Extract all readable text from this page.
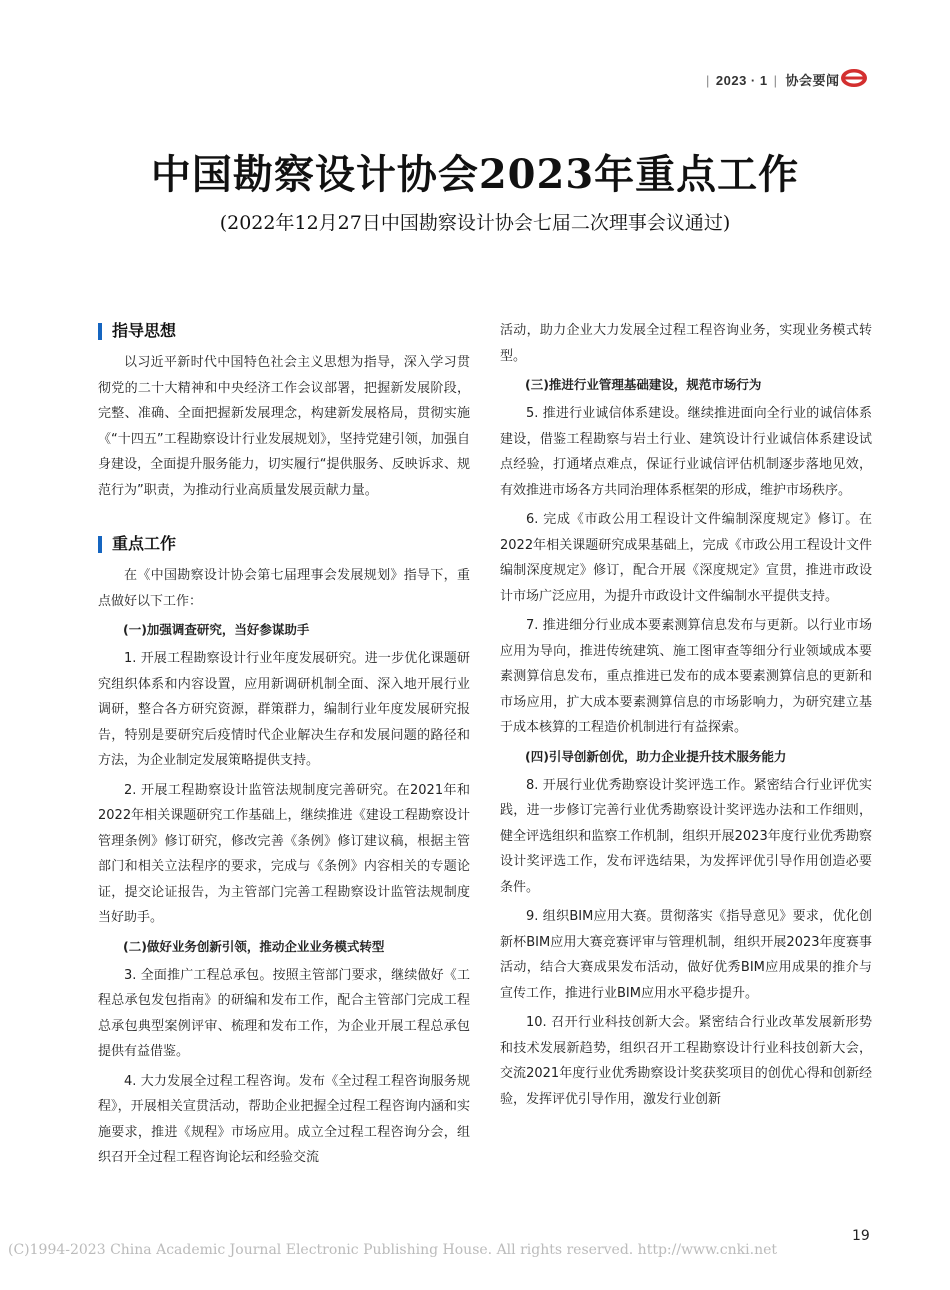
| 2023 · 1 | 协会要闻
中国勘察设计协会2023年重点工作
(2022年12月27日中国勘察设计协会七届二次理事会议通过)
指导思想

以习近平新时代中国特色社会主义思想为指导，深入学习贯彻党的二十大精神和中央经济工作会议部署，把握新发展阶段，完整、准确、全面把握新发展理念，构建新发展格局，贯彻实施《“十四五”工程勘察设计行业发展规划》，坚持党建引领，加强自身建设，全面提升服务能力，切实履行“提供服务、反映诉求、规范行为”职责，为推动行业高质量发展贡献力量。

重点工作

在《中国勘察设计协会第七届理事会发展规划》指导下，重点做好以下工作：

(一)加强调查研究，当好参谋助手

1. 开展工程勘察设计行业年度发展研究。进一步优化课题研究组织体系和内容设置，应用新调研机制全面、深入地开展行业调研，整合各方研究资源，群策群力，编制行业年度发展研究报告，特别是要研究后疫情时代企业解决生存和发展问题的路径和方法，为企业制定发展策略提供支持。

2. 开展工程勘察设计监管法规制度完善研究。在2021年和2022年相关课题研究工作基础上，继续推进《建设工程勘察设计管理条例》修订研究，修改完善《条例》修订建议稿，根据主管部门和相关立法程序的要求，完成与《条例》内容相关的专题论证，提交论证报告，为主管部门完善工程勘察设计监管法规制度当好助手。

(二)做好业务创新引领，推动企业业务模式转型

3. 全面推广工程总承包。按照主管部门要求，继续做好《工程总承包发包指南》的研编和发布工作，配合主管部门完成工程总承包典型案例评审、梳理和发布工作，为企业开展工程总承包提供有益借鉴。

4. 大力发展全过程工程咨询。发布《全过程工程咨询服务规程》，开展相关宣贯活动，帮助企业把握全过程工程咨询内涵和实施要求，推进《规程》市场应用。成立全过程工程咨询分会，组织召开全过程工程咨询论坛和经验交流

活动，助力企业大力发展全过程工程咨询业务，实现业务模式转型。

(三)推进行业管理基础建设，规范市场行为

5. 推进行业诚信体系建设。继续推进面向全行业的诚信体系建设，借鉴工程勘察与岩土行业、建筑设计行业诚信体系建设试点经验，打通堵点难点，保证行业诚信评估机制逐步落地见效，有效推进市场各方共同治理体系框架的形成，维护市场秩序。

6. 完成《市政公用工程设计文件编制深度规定》修订。在2022年相关课题研究成果基础上，完成《市政公用工程设计文件编制深度规定》修订，配合开展《深度规定》宣贯，推进市政设计市场广泛应用，为提升市政设计文件编制水平提供支持。

7. 推进细分行业成本要素测算信息发布与更新。以行业市场应用为导向，推进传统建筑、施工图审查等细分行业领域成本要素测算信息发布，重点推进已发布的成本要素测算信息的更新和市场应用，扩大成本要素测算信息的市场影响力，为研究建立基于成本核算的工程造价机制进行有益探索。

(四)引导创新创优，助力企业提升技术服务能力

8. 开展行业优秀勘察设计奖评选工作。紧密结合行业评优实践，进一步修订完善行业优秀勘察设计奖评选办法和工作细则，健全评选组织和监察工作机制，组织开展2023年度行业优秀勘察设计奖评选工作，发布评选结果，为发挥评优引导作用创造必要条件。

9. 组织BIM应用大赛。贯彻落实《指导意见》要求，优化创新杯BIM应用大赛竞赛评审与管理机制，组织开展2023年度赛事活动，结合大赛成果发布活动，做好优秀BIM应用成果的推介与宣传工作，推进行业BIM应用水平稳步提升。

10. 召开行业科技创新大会。紧密结合行业改革发展新形势和技术发展新趋势，组织召开工程勘察设计行业科技创新大会，交流2021年度行业优秀勘察设计奖获奖项目的创优心得和创新经验，发挥评优引导作用，激发行业创新

19
(C)1994-2023 China Academic Journal Electronic Publishing House. All rights reserved. http://www.cnki.net
